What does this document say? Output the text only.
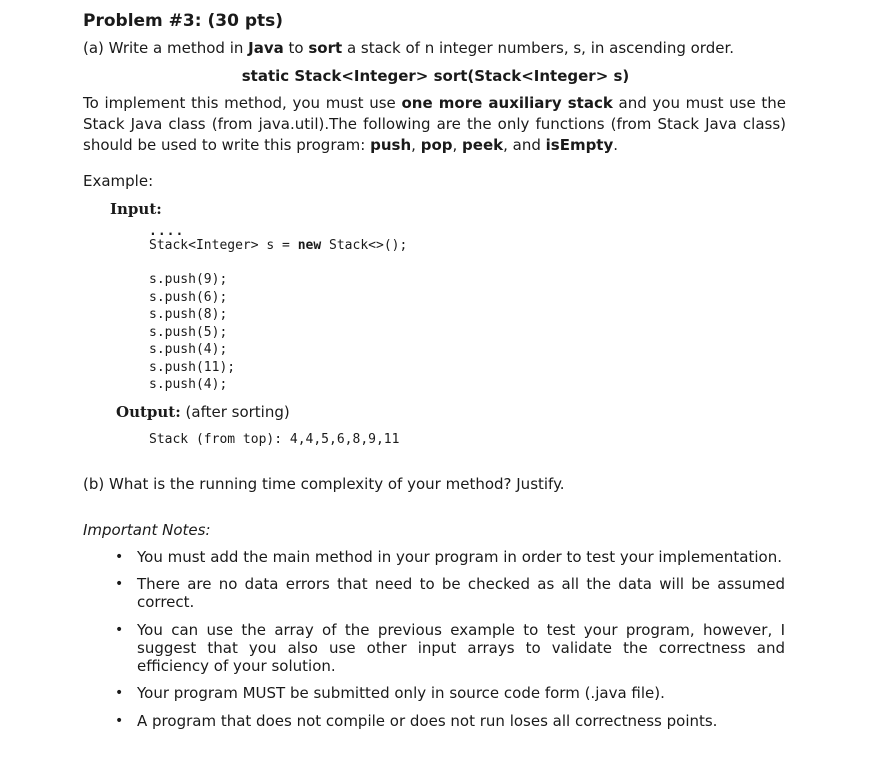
Problem #3: (30 pts)
(a) Write a method in Java to sort a stack of n integer numbers, s, in ascending order.
static Stack<Integer> sort(Stack<Integer> s)
To implement this method, you must use one more auxiliary stack and you must use the Stack Java class (from java.util).The following are the only functions (from Stack Java class) should be used to write this program: push, pop, peek, and isEmpty.
Example:
Input:
....
Stack<Integer> s = new Stack<>();
s.push(9);
s.push(6);
s.push(8);
s.push(5);
s.push(4);
s.push(11);
s.push(4);
Output: (after sorting)
Stack (from top): 4,4,5,6,8,9,11
(b) What is the running time complexity of your method? Justify.
Important Notes:
• You must add the main method in your program in order to test your implementation.
• There are no data errors that need to be checked as all the data will be assumed correct.
• You can use the array of the previous example to test your program, however, I suggest that you also use other input arrays to validate the correctness and efficiency of your solution.
• Your program MUST be submitted only in source code form (.java file).
• A program that does not compile or does not run loses all correctness points.
